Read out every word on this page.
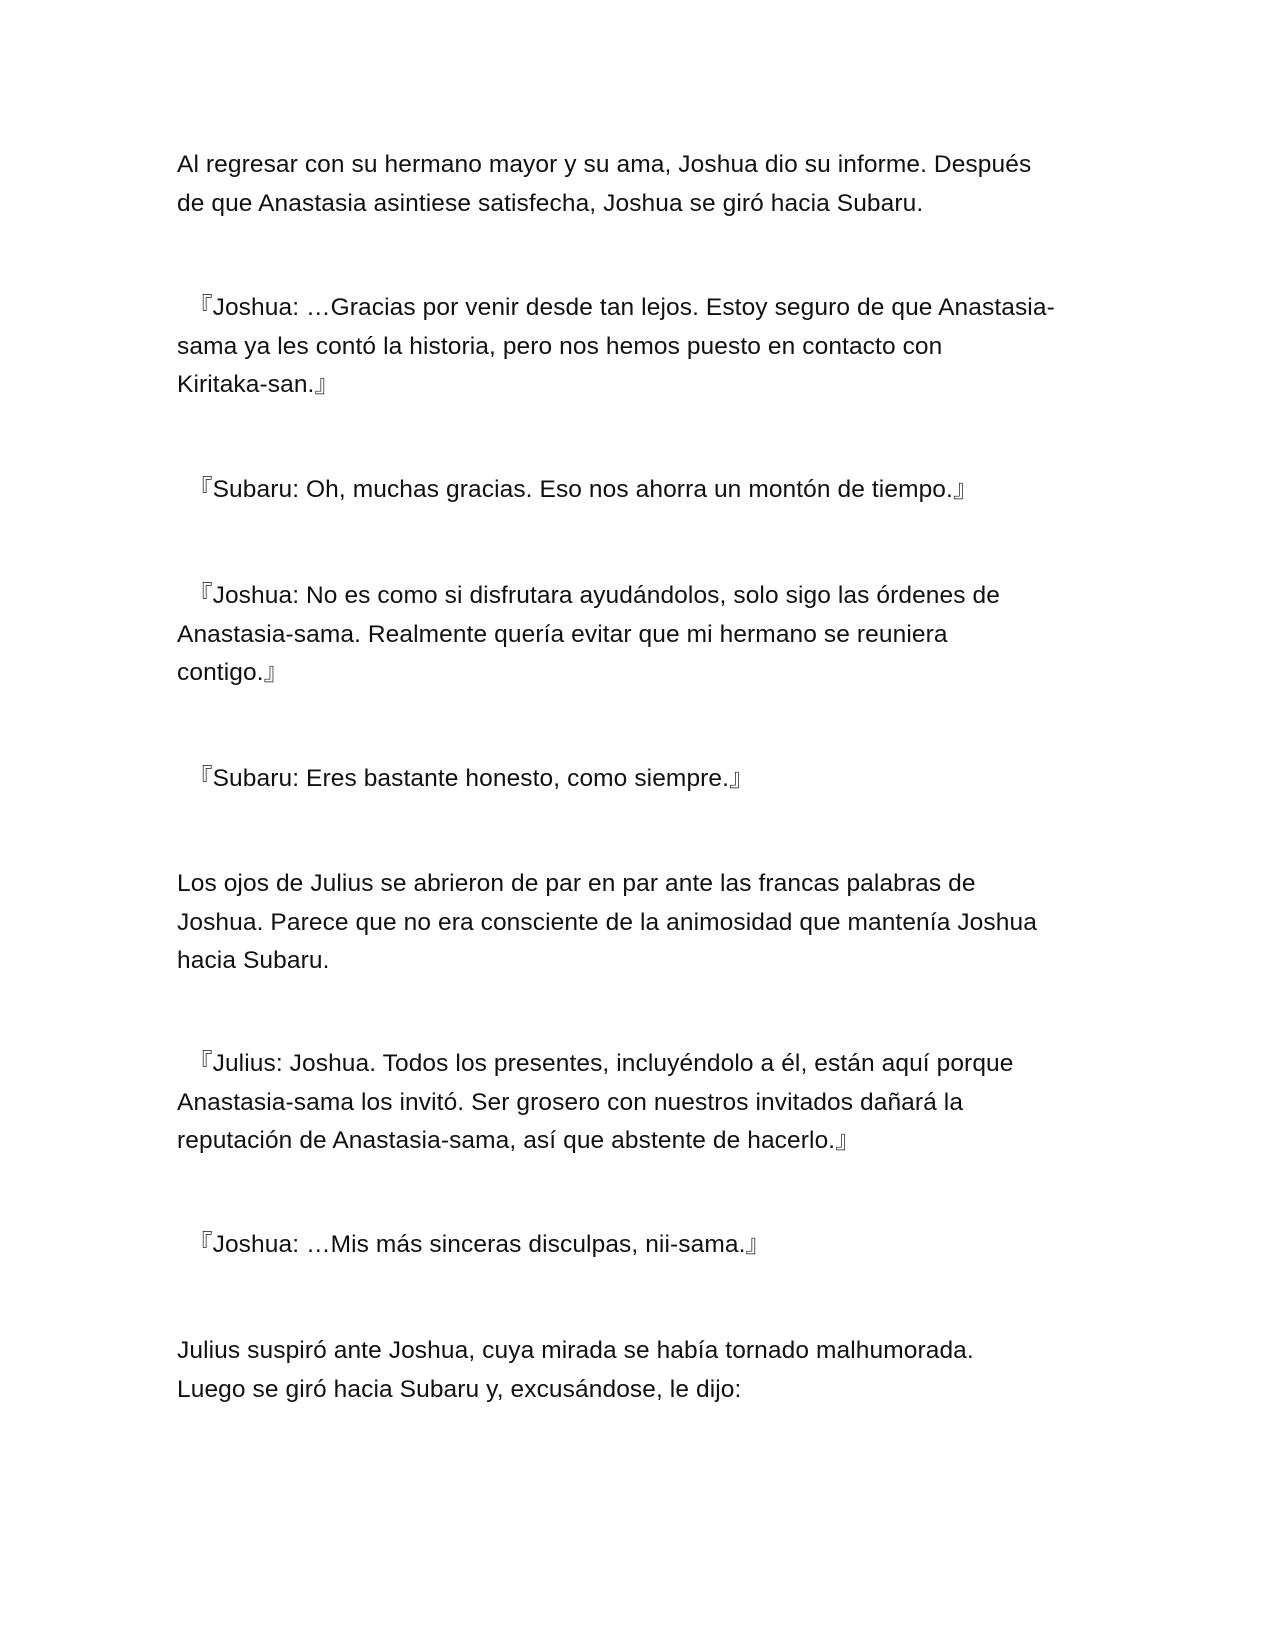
Al regresar con su hermano mayor y su ama, Joshua dio su informe. Después
de que Anastasia asintiese satisfecha, Joshua se giró hacia Subaru.

『Joshua: …Gracias por venir desde tan lejos. Estoy seguro de que Anastasia-
sama ya les contó la historia, pero nos hemos puesto en contacto con
Kiritaka-san.』

『Subaru: Oh, muchas gracias. Eso nos ahorra un montón de tiempo.』

『Joshua: No es como si disfrutara ayudándolos, solo sigo las órdenes de
Anastasia-sama. Realmente quería evitar que mi hermano se reuniera
contigo.』

『Subaru: Eres bastante honesto, como siempre.』

Los ojos de Julius se abrieron de par en par ante las francas palabras de
Joshua. Parece que no era consciente de la animosidad que mantenía Joshua
hacia Subaru.

『Julius: Joshua. Todos los presentes, incluyéndolo a él, están aquí porque
Anastasia-sama los invitó. Ser grosero con nuestros invitados dañará la
reputación de Anastasia-sama, así que abstente de hacerlo.』

『Joshua: …Mis más sinceras disculpas, nii-sama.』

Julius suspiró ante Joshua, cuya mirada se había tornado malhumorada.
Luego se giró hacia Subaru y, excusándose, le dijo:
